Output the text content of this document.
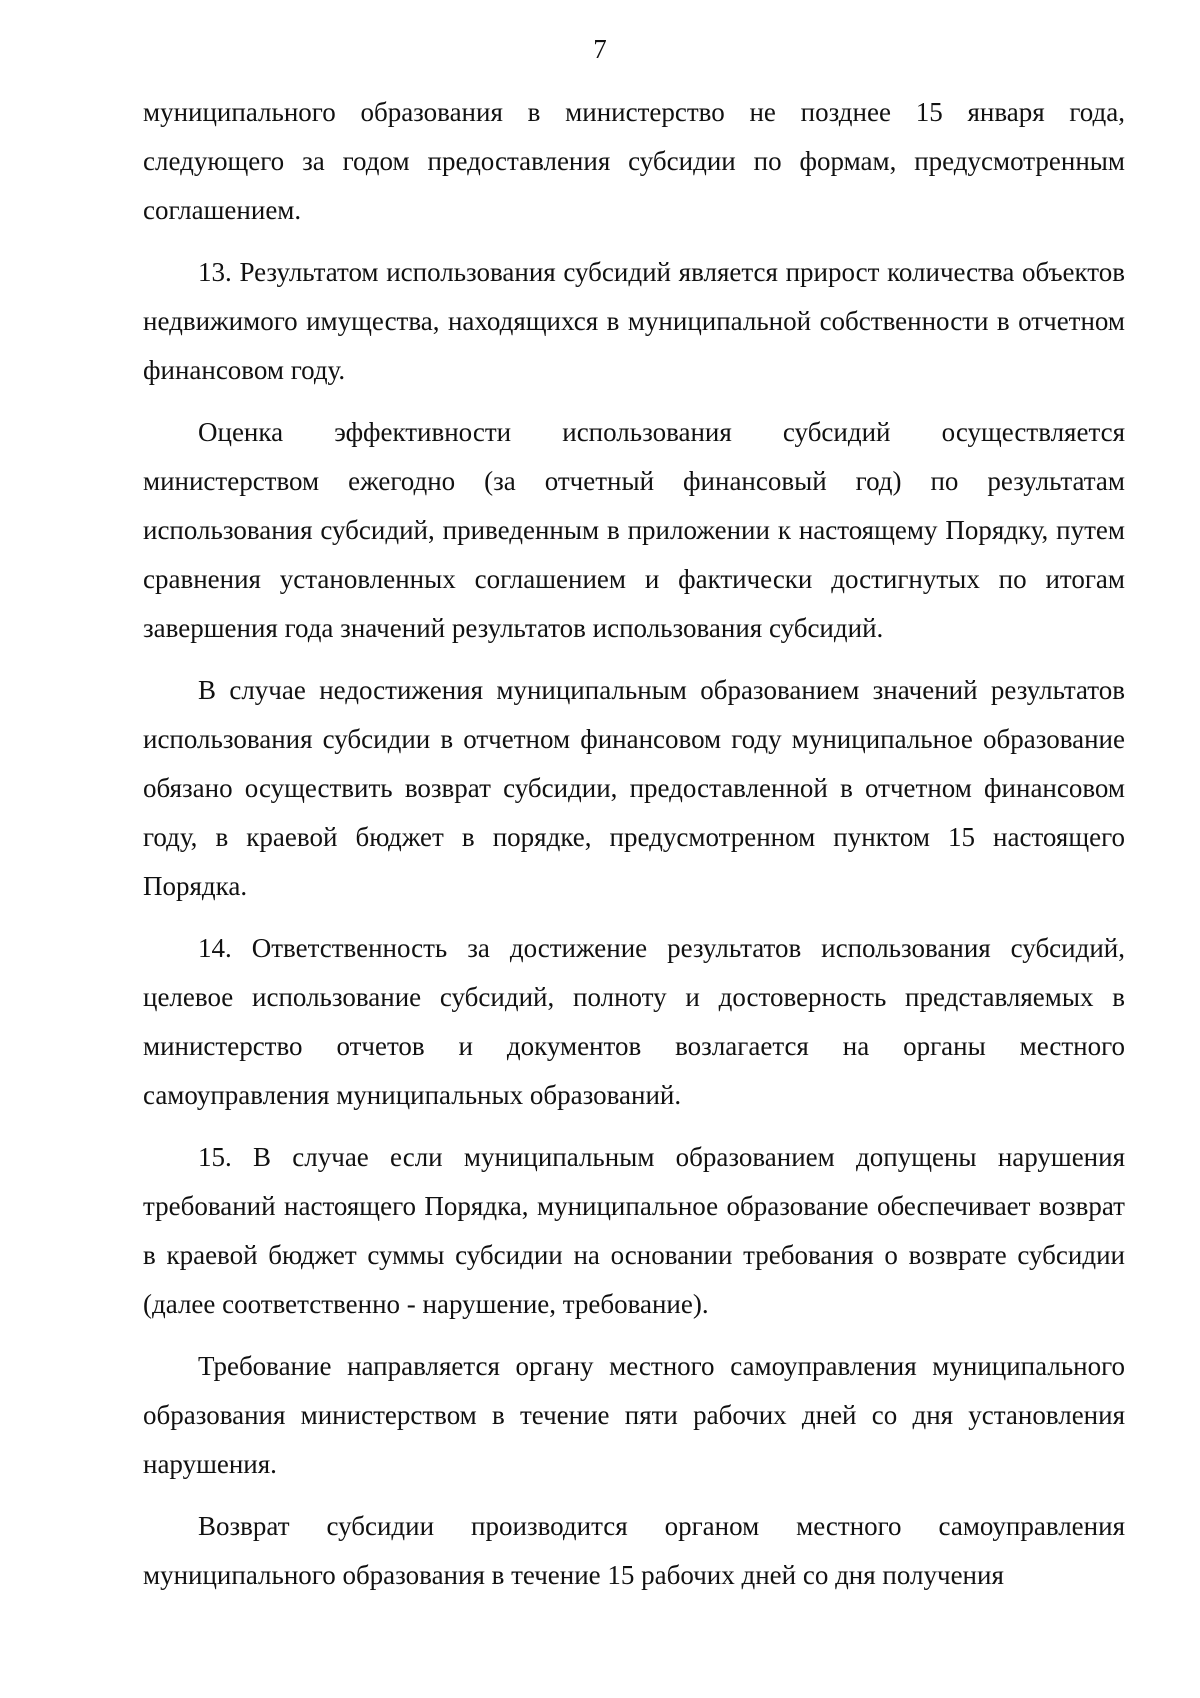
7

муниципального образования в министерство не позднее 15 января года, следующего за годом предоставления субсидии по формам, предусмотренным соглашением.

13. Результатом использования субсидий является прирост количества объектов недвижимого имущества, находящихся в муниципальной собственности в отчетном финансовом году.

Оценка эффективности использования субсидий осуществляется министерством ежегодно (за отчетный финансовый год) по результатам использования субсидий, приведенным в приложении к настоящему Порядку, путем сравнения установленных соглашением и фактически достигнутых по итогам завершения года значений результатов использования субсидий.

В случае недостижения муниципальным образованием значений результатов использования субсидии в отчетном финансовом году муниципальное образование обязано осуществить возврат субсидии, предоставленной в отчетном финансовом году, в краевой бюджет в порядке, предусмотренном пунктом 15 настоящего Порядка.

14. Ответственность за достижение результатов использования субсидий, целевое использование субсидий, полноту и достоверность представляемых в министерство отчетов и документов возлагается на органы местного самоуправления муниципальных образований.

15. В случае если муниципальным образованием допущены нарушения требований настоящего Порядка, муниципальное образование обеспечивает возврат в краевой бюджет суммы субсидии на основании требования о возврате субсидии (далее соответственно - нарушение, требование).

Требование направляется органу местного самоуправления муниципального образования министерством в течение пяти рабочих дней со дня установления нарушения.

Возврат субсидии производится органом местного самоуправления муниципального образования в течение 15 рабочих дней со дня получения
